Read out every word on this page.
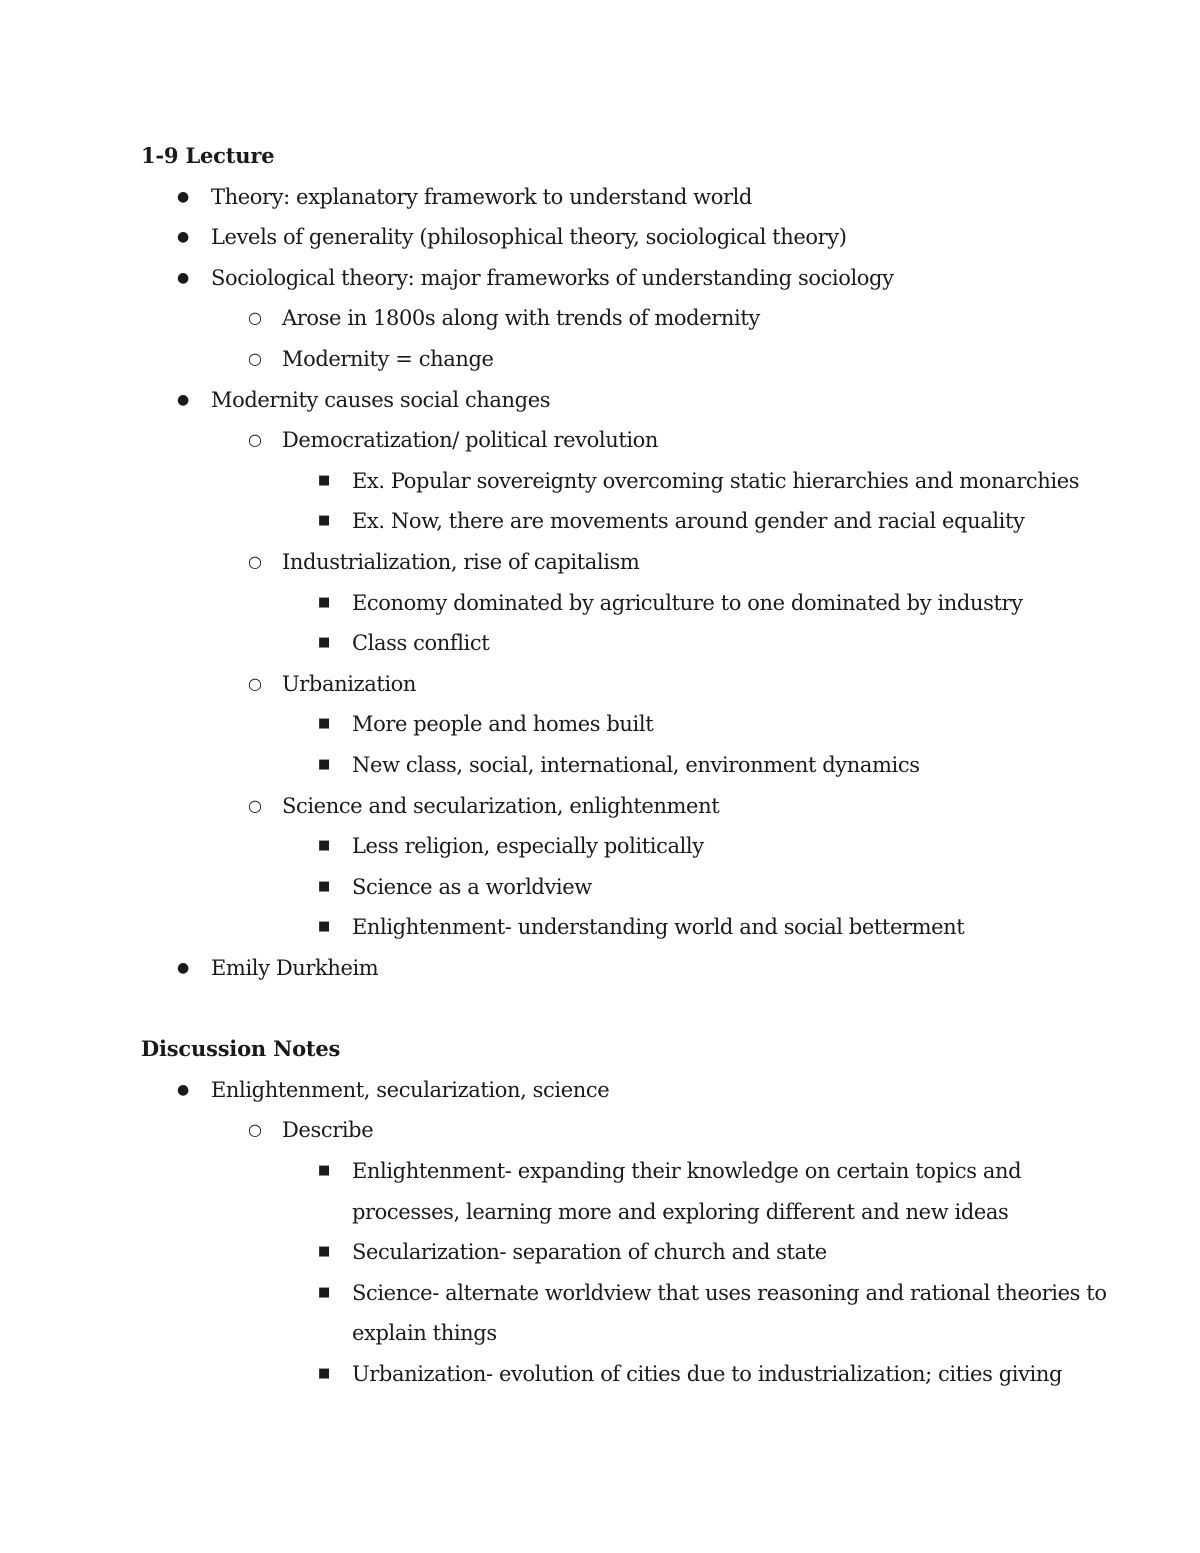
1-9 Lecture
● Theory: explanatory framework to understand world
● Levels of generality (philosophical theory, sociological theory)
● Sociological theory: major frameworks of understanding sociology
○ Arose in 1800s along with trends of modernity
○ Modernity = change
● Modernity causes social changes
○ Democratization/ political revolution
■ Ex. Popular sovereignty overcoming static hierarchies and monarchies
■ Ex. Now, there are movements around gender and racial equality
○ Industrialization, rise of capitalism
■ Economy dominated by agriculture to one dominated by industry
■ Class conflict
○ Urbanization
■ More people and homes built
■ New class, social, international, environment dynamics
○ Science and secularization, enlightenment
■ Less religion, especially politically
■ Science as a worldview
■ Enlightenment- understanding world and social betterment
● Emily Durkheim
Discussion Notes
● Enlightenment, secularization, science
○ Describe
■ Enlightenment- expanding their knowledge on certain topics and
processes, learning more and exploring different and new ideas
■ Secularization- separation of church and state
■ Science- alternate worldview that uses reasoning and rational theories to
explain things
■ Urbanization- evolution of cities due to industrialization; cities giving
